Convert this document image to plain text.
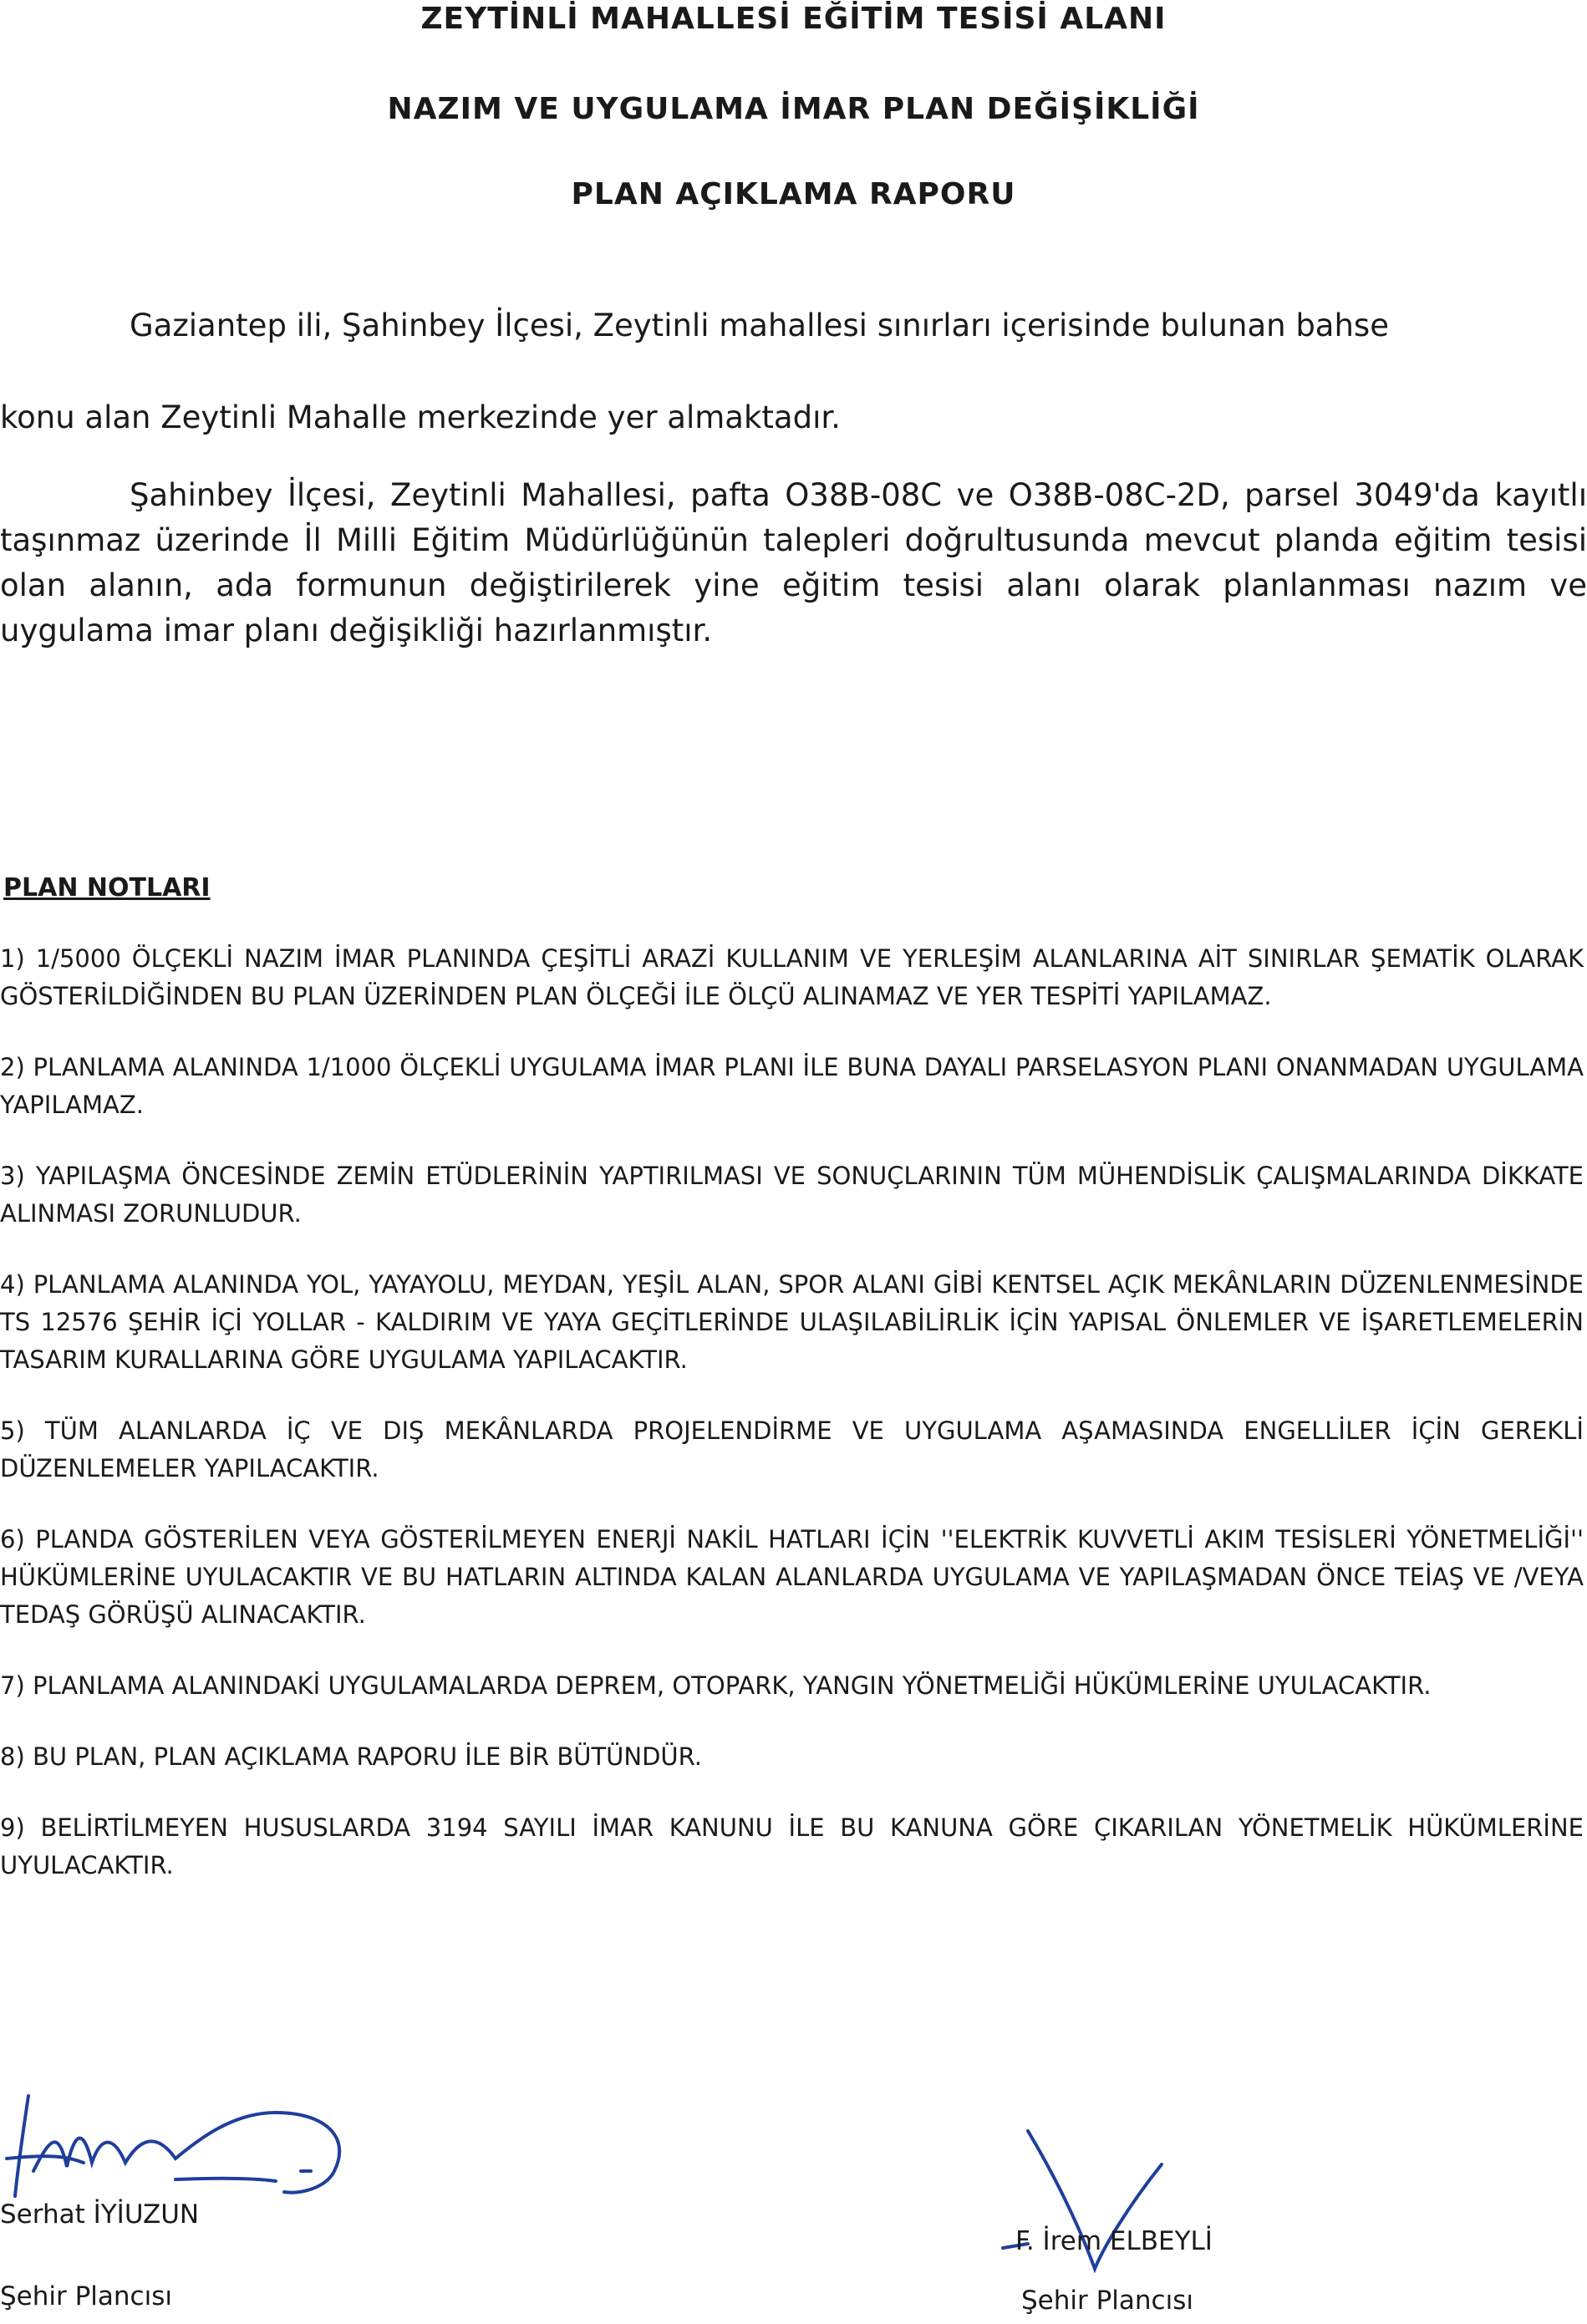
ZEYTİNLİ MAHALLESİ EĞİTİM TESİSİ ALANI
NAZIM VE UYGULAMA İMAR PLAN DEĞİŞİKLİĞİ
PLAN AÇIKLAMA RAPORU

Gaziantep ili, Şahinbey İlçesi, Zeytinli mahallesi sınırları içerisinde bulunan bahse konu alan Zeytinli Mahalle merkezinde yer almaktadır.

Şahinbey İlçesi, Zeytinli Mahallesi, pafta O38B-08C ve O38B-08C-2D, parsel 3049'da kayıtlı taşınmaz üzerinde İl Milli Eğitim Müdürlüğünün talepleri doğrultusunda mevcut planda eğitim tesisi olan alanın, ada formunun değiştirilerek yine eğitim tesisi alanı olarak planlanması nazım ve uygulama imar planı değişikliği hazırlanmıştır.

PLAN NOTLARI
1) 1/5000 ÖLÇEKLİ NAZIM İMAR PLANINDA ÇEŞİTLİ ARAZİ KULLANIM VE YERLEŞİM ALANLARINA AİT SINIRLAR ŞEMATİK OLARAK GÖSTERİLDİĞİNDEN BU PLAN ÜZERİNDEN PLAN ÖLÇEĞİ İLE ÖLÇÜ ALINAMAZ VE YER TESPİTİ YAPILAMAZ.
2) PLANLAMA ALANINDA 1/1000 ÖLÇEKLİ UYGULAMA İMAR PLANI İLE BUNA DAYALI PARSELASYON PLANI ONANMADAN UYGULAMA YAPILAMAZ.
3) YAPILAŞMA ÖNCESİNDE ZEMİN ETÜDLERİNİN YAPTIRILMASI VE SONUÇLARININ TÜM MÜHENDİSLİK ÇALIŞMALARINDA DİKKATE ALINMASI ZORUNLUDUR.
4) PLANLAMA ALANINDA YOL, YAYAYOLU, MEYDAN, YEŞİL ALAN, SPOR ALANI GİBİ KENTSEL AÇIK MEKÂNLARIN DÜZENLENMESİNDE TS 12576 ŞEHİR İÇİ YOLLAR - KALDIRIM VE YAYA GEÇİTLERİNDE ULAŞILABİLİRLİK İÇİN YAPISAL ÖNLEMLER VE İŞARETLEMELERİN TASARIM KURALLARINA GÖRE UYGULAMA YAPILACAKTIR.
5) TÜM ALANLARDA İÇ VE DIŞ MEKÂNLARDA PROJELENDİRME VE UYGULAMA AŞAMASINDA ENGELLİLER İÇİN GEREKLİ DÜZENLEMELER YAPILACAKTIR.
6) PLANDA GÖSTERİLEN VEYA GÖSTERİLMEYEN ENERJİ NAKİL HATLARI İÇİN ''ELEKTRİK KUVVETLİ AKIM TESİSLERİ YÖNETMELİĞİ'' HÜKÜMLERİNE UYULACAKTIR VE BU HATLARIN ALTINDA KALAN ALANLARDA UYGULAMA VE YAPILAŞMADAN ÖNCE TEİAŞ VE /VEYA TEDAŞ GÖRÜŞÜ ALINACAKTIR.
7) PLANLAMA ALANINDAKİ UYGULAMALARDA DEPREM, OTOPARK, YANGIN YÖNETMELİĞİ HÜKÜMLERİNE UYULACAKTIR.
8) BU PLAN, PLAN AÇIKLAMA RAPORU İLE BİR BÜTÜNDÜR.
9) BELİRTİLMEYEN HUSUSLARDA 3194 SAYILI İMAR KANUNU İLE BU KANUNA GÖRE ÇIKARILAN YÖNETMELİK HÜKÜMLERİNE UYULACAKTIR.

Serhat İYİUZUN

Şehir Plancısı

F. İrem ELBEYLİ

Şehir Plancısı
